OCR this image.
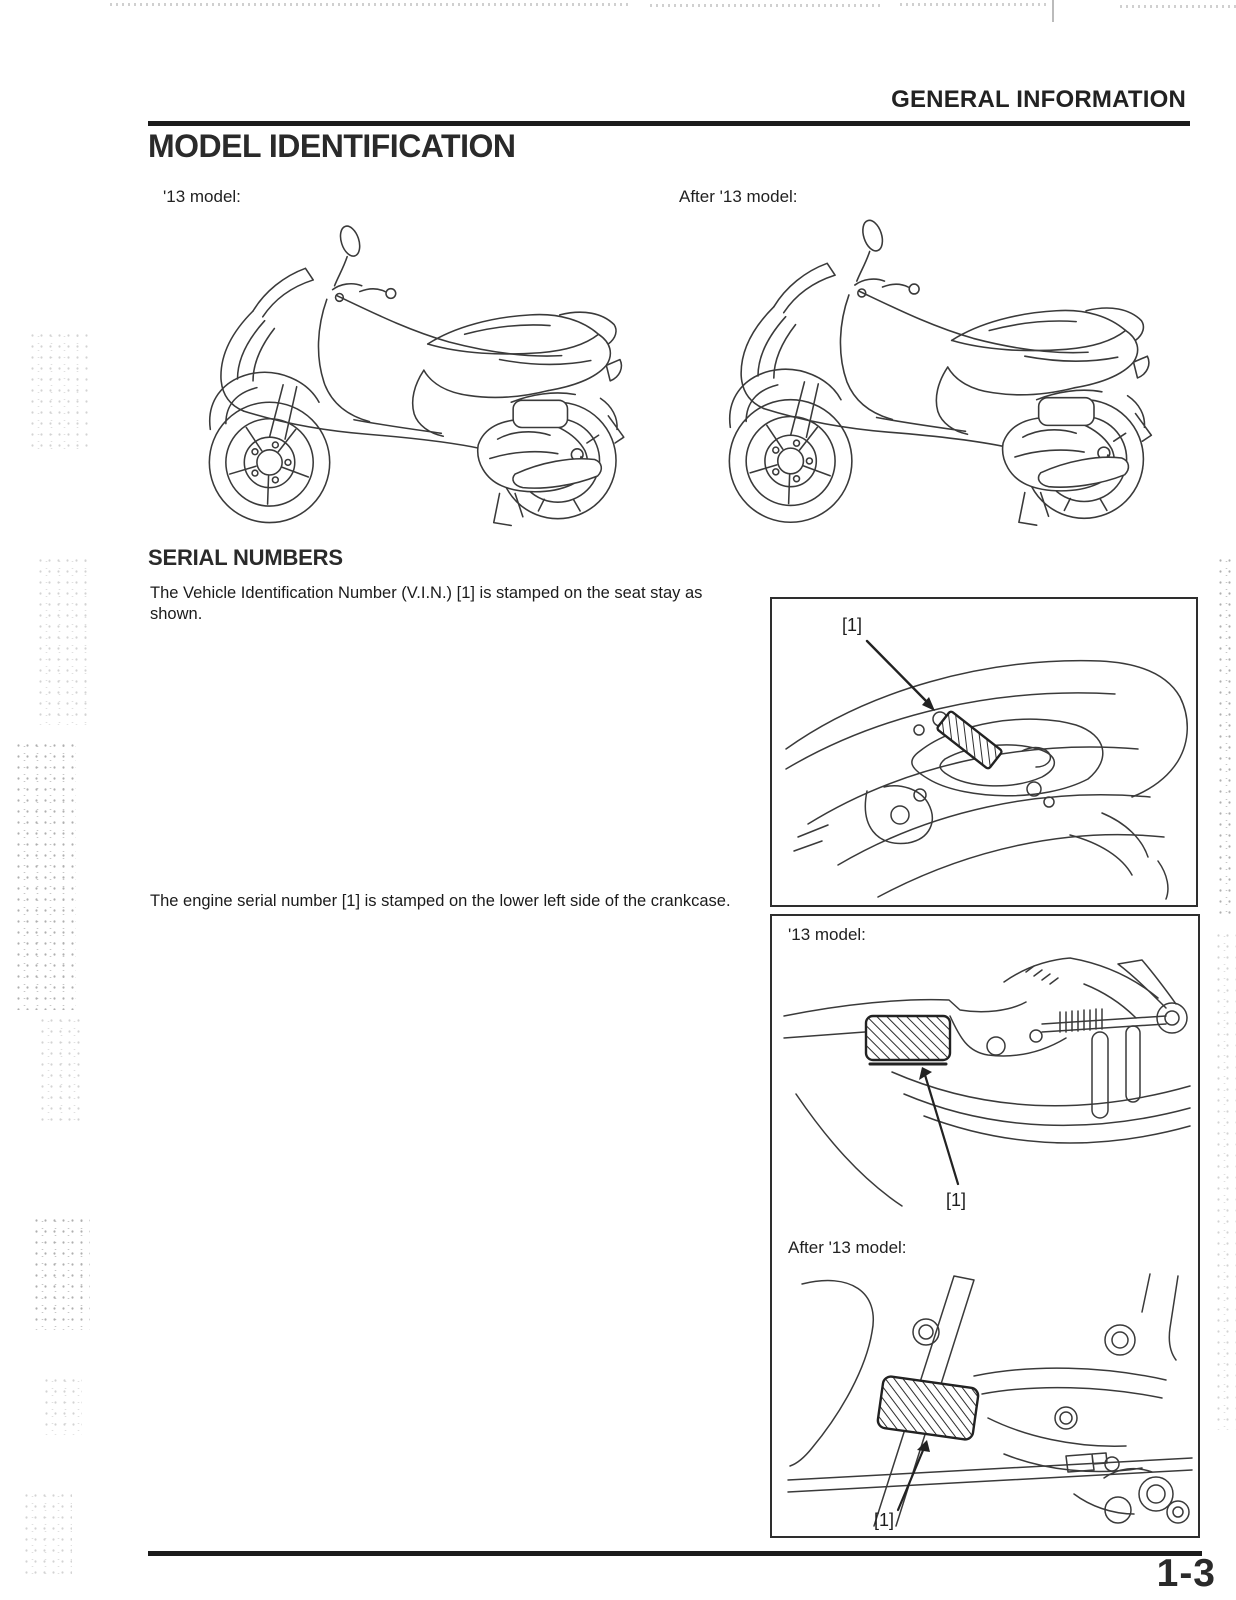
GENERAL INFORMATION
MODEL IDENTIFICATION
'13 model:	After '13 model:
SERIAL NUMBERS
The Vehicle Identification Number (V.I.N.) [1] is stamped on the seat stay as shown.
The engine serial number [1] is stamped on the lower left side of the crankcase.
[1]
'13 model:
[1]
After '13 model:
[1]
1-3
